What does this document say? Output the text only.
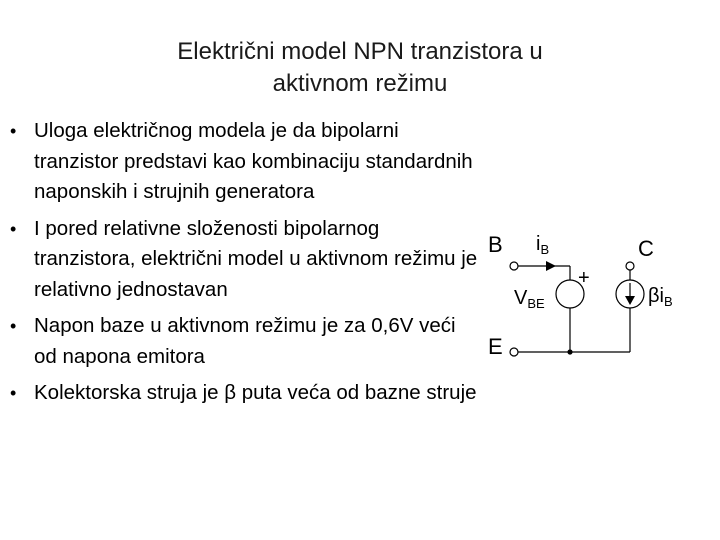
Električni model NPN tranzistora u
aktivnom režimu
• Uloga električnog modela je da bipolarni tranzistor predstavi kao kombinaciju standardnih naponskih i strujnih generatora
• I pored relativne složenosti bipolarnog tranzistora, električni model u aktivnom režimu je relativno jednostavan
• Napon baze u aktivnom režimu je za 0,6V veći od napona emitora
• Kolektorska struja je β puta veća od bazne struje
B	C
E
$i_B$
+
$V_{BE}$	$\beta i_B$
